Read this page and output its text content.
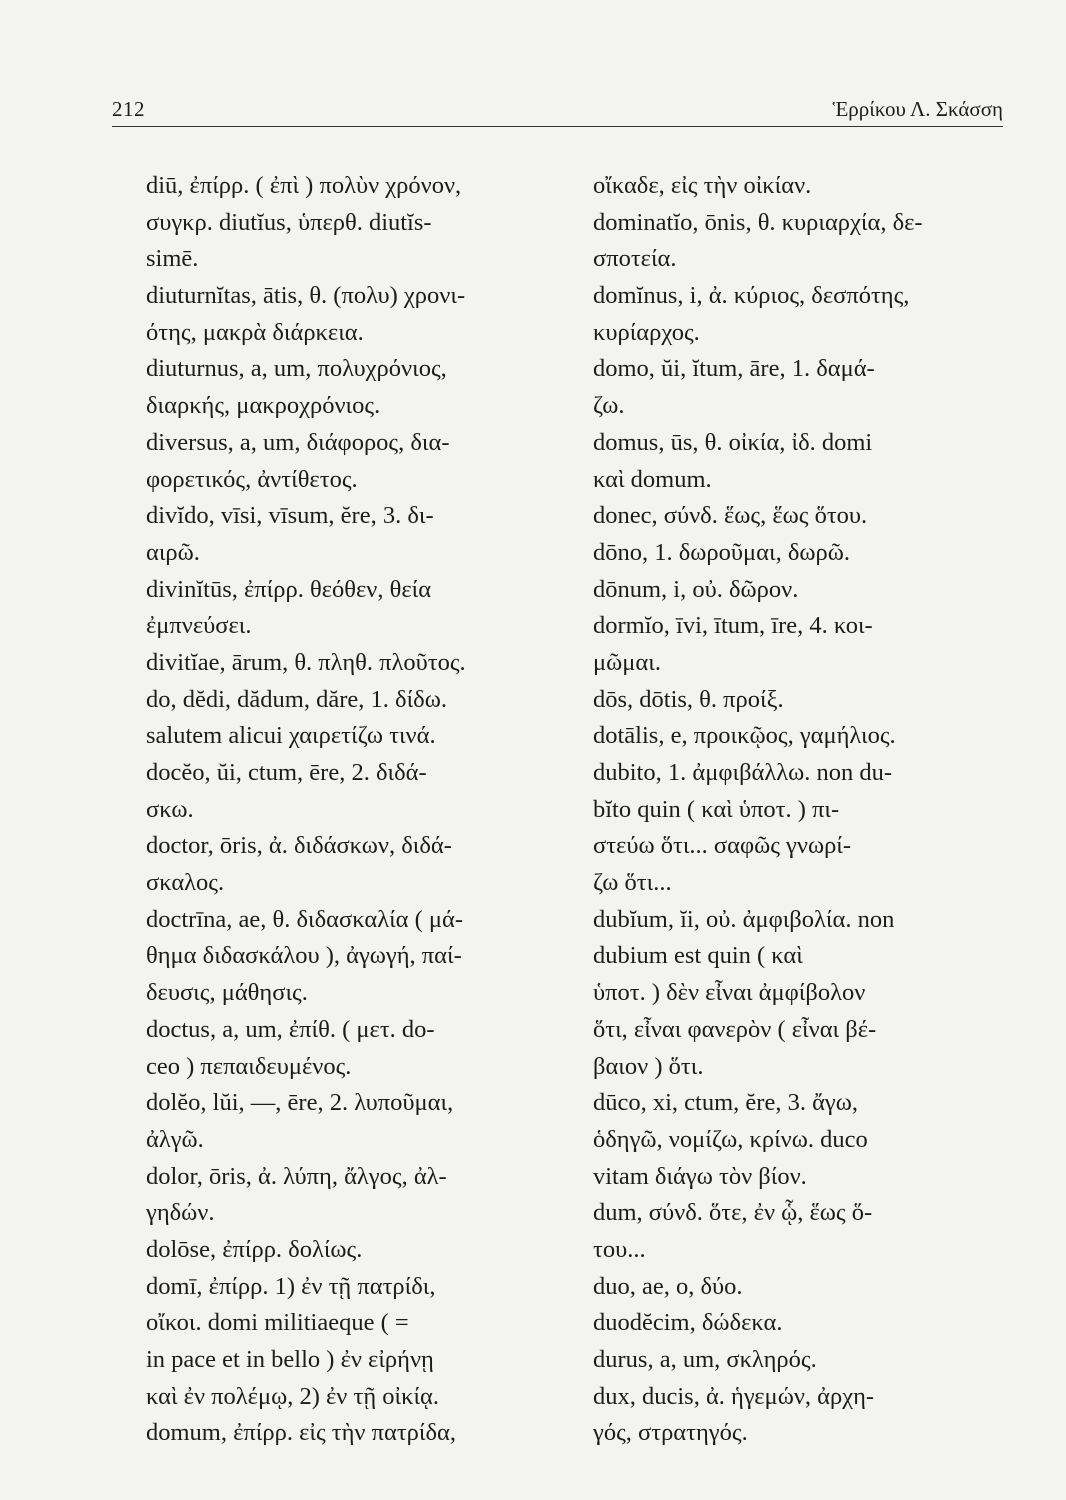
212	Ἑρρίκου Λ. Σκάσση
diū, ἐπίρρ. ( ἐπὶ ) πολὺν χρόνον,
συγκρ. diutĭus, ὑπερθ. diutĭs-
simē.
diuturnĭtas, ātis, θ. (πολυ) χρονι-
ότης, μακρὰ διάρκεια.
diuturnus, a, um, πολυχρόνιος,
διαρκής, μακροχρόνιος.
diversus, a, um, διάφορος, δια-
φορετικός, ἀντίθετος.
divĭdo, vīsi, vīsum, ĕre, 3. δι-
αιρῶ.
divinĭtūs, ἐπίρρ. θεόθεν, θεία
ἐμπνεύσει.
divitĭae, ārum, θ. πληθ. πλοῦτος.
do, dĕdi, dădum, dăre, 1. δίδω.
salutem alicui χαιρετίζω τινά.
docĕo, ŭi, ctum, ēre, 2. διδά-
σκω.
doctor, ōris, ἀ. διδάσκων, διδά-
σκαλος.
doctrīna, ae, θ. διδασκαλία ( μά-
θημα διδασκάλου ), ἀγωγή, παί-
δευσις, μάθησις.
doctus, a, um, ἐπίθ. ( μετ. do-
ceo ) πεπαιδευμένος.
dolĕo, lŭi, —, ēre, 2. λυποῦμαι,
ἀλγῶ.
dolor, ōris, ἀ. λύπη, ἄλγος, ἀλ-
γηδών.
dolōse, ἐπίρρ. δολίως.
domī, ἐπίρρ. 1) ἐν τῇ πατρίδι,
οἴκοι. domi militiaeque ( =
in pace et in bello ) ἐν εἰρήνῃ
καὶ ἐν πολέμῳ, 2) ἐν τῇ οἰκίᾳ.
domum, ἐπίρρ. εἰς τὴν πατρίδα,
οἴκαδε, εἰς τὴν οἰκίαν.
dominatĭo, ōnis, θ. κυριαρχία, δε-
σποτεία.
domĭnus, i, ἀ. κύριος, δεσπότης,
κυρίαρχος.
domo, ŭi, ĭtum, āre, 1. δαμά-
ζω.
domus, ūs, θ. οἰκία, ἰδ. domi
καὶ domum.
donec, σύνδ. ἕως, ἕως ὅτου.
dōno, 1. δωροῦμαι, δωρῶ.
dōnum, i, οὐ. δῶρον.
dormĭo, īvi, ītum, īre, 4. κοι-
μῶμαι.
dōs, dōtis, θ. προίξ.
dotālis, e, προικῷος, γαμήλιος.
dubito, 1. ἀμφιβάλλω. non du-
bĭto quin ( καὶ ὑποτ. ) πι-
στεύω ὅτι... σαφῶς γνωρί-
ζω ὅτι...
dubĭum, ĭi, οὐ. ἀμφιβολία. non
dubium est quin ( καὶ
ὑποτ. ) δὲν εἶναι ἀμφίβολον
ὅτι, εἶναι φανερὸν ( εἶναι βέ-
βαιον ) ὅτι.
dūco, xi, ctum, ĕre, 3. ἄγω,
ὁδηγῶ, νομίζω, κρίνω. duco
vitam διάγω τὸν βίον.
dum, σύνδ. ὅτε, ἐν ᾧ, ἕως ὅ-
του...
duo, ae, o, δύο.
duodĕcim, δώδεκα.
durus, a, um, σκληρός.
dux, ducis, ἀ. ἡγεμών, ἀρχη-
γός, στρατηγός.
